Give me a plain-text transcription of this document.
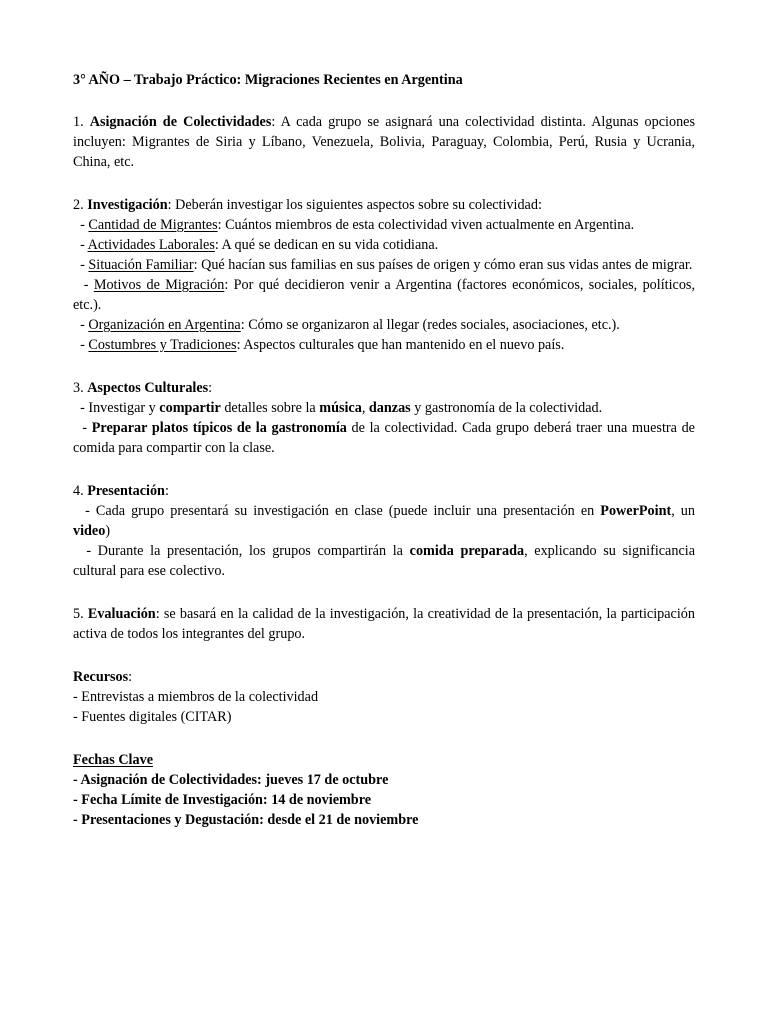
3° AÑO – Trabajo Práctico: Migraciones Recientes en Argentina

1. Asignación de Colectividades: A cada grupo se asignará una colectividad distinta. Algunas opciones incluyen: Migrantes de Siria y Líbano, Venezuela, Bolivia, Paraguay, Colombia, Perú, Rusia y Ucrania, China, etc.

2. Investigación: Deberán investigar los siguientes aspectos sobre su colectividad:

- Cantidad de Migrantes: Cuántos miembros de esta colectividad viven actualmente en Argentina.

- Actividades Laborales: A qué se dedican en su vida cotidiana.

- Situación Familiar: Qué hacían sus familias en sus países de origen y cómo eran sus vidas antes de migrar.

- Motivos de Migración: Por qué decidieron venir a Argentina (factores económicos, sociales, políticos, etc.).

- Organización en Argentina: Cómo se organizaron al llegar (redes sociales, asociaciones, etc.).

- Costumbres y Tradiciones: Aspectos culturales que han mantenido en el nuevo país.

3. Aspectos Culturales:

- Investigar y compartir detalles sobre la música, danzas y gastronomía de la colectividad.

- Preparar platos típicos de la gastronomía de la colectividad. Cada grupo deberá traer una muestra de comida para compartir con la clase.

4. Presentación:

- Cada grupo presentará su investigación en clase (puede incluir una presentación en PowerPoint, un video)

- Durante la presentación, los grupos compartirán la comida preparada, explicando su significancia cultural para ese colectivo.

5. Evaluación: se basará en la calidad de la investigación, la creatividad de la presentación, la participación activa de todos los integrantes del grupo.

Recursos:

- Entrevistas a miembros de la colectividad

- Fuentes digitales (CITAR)

Fechas Clave

- Asignación de Colectividades: jueves 17 de octubre

- Fecha Límite de Investigación: 14 de noviembre

- Presentaciones y Degustación: desde el 21 de noviembre
